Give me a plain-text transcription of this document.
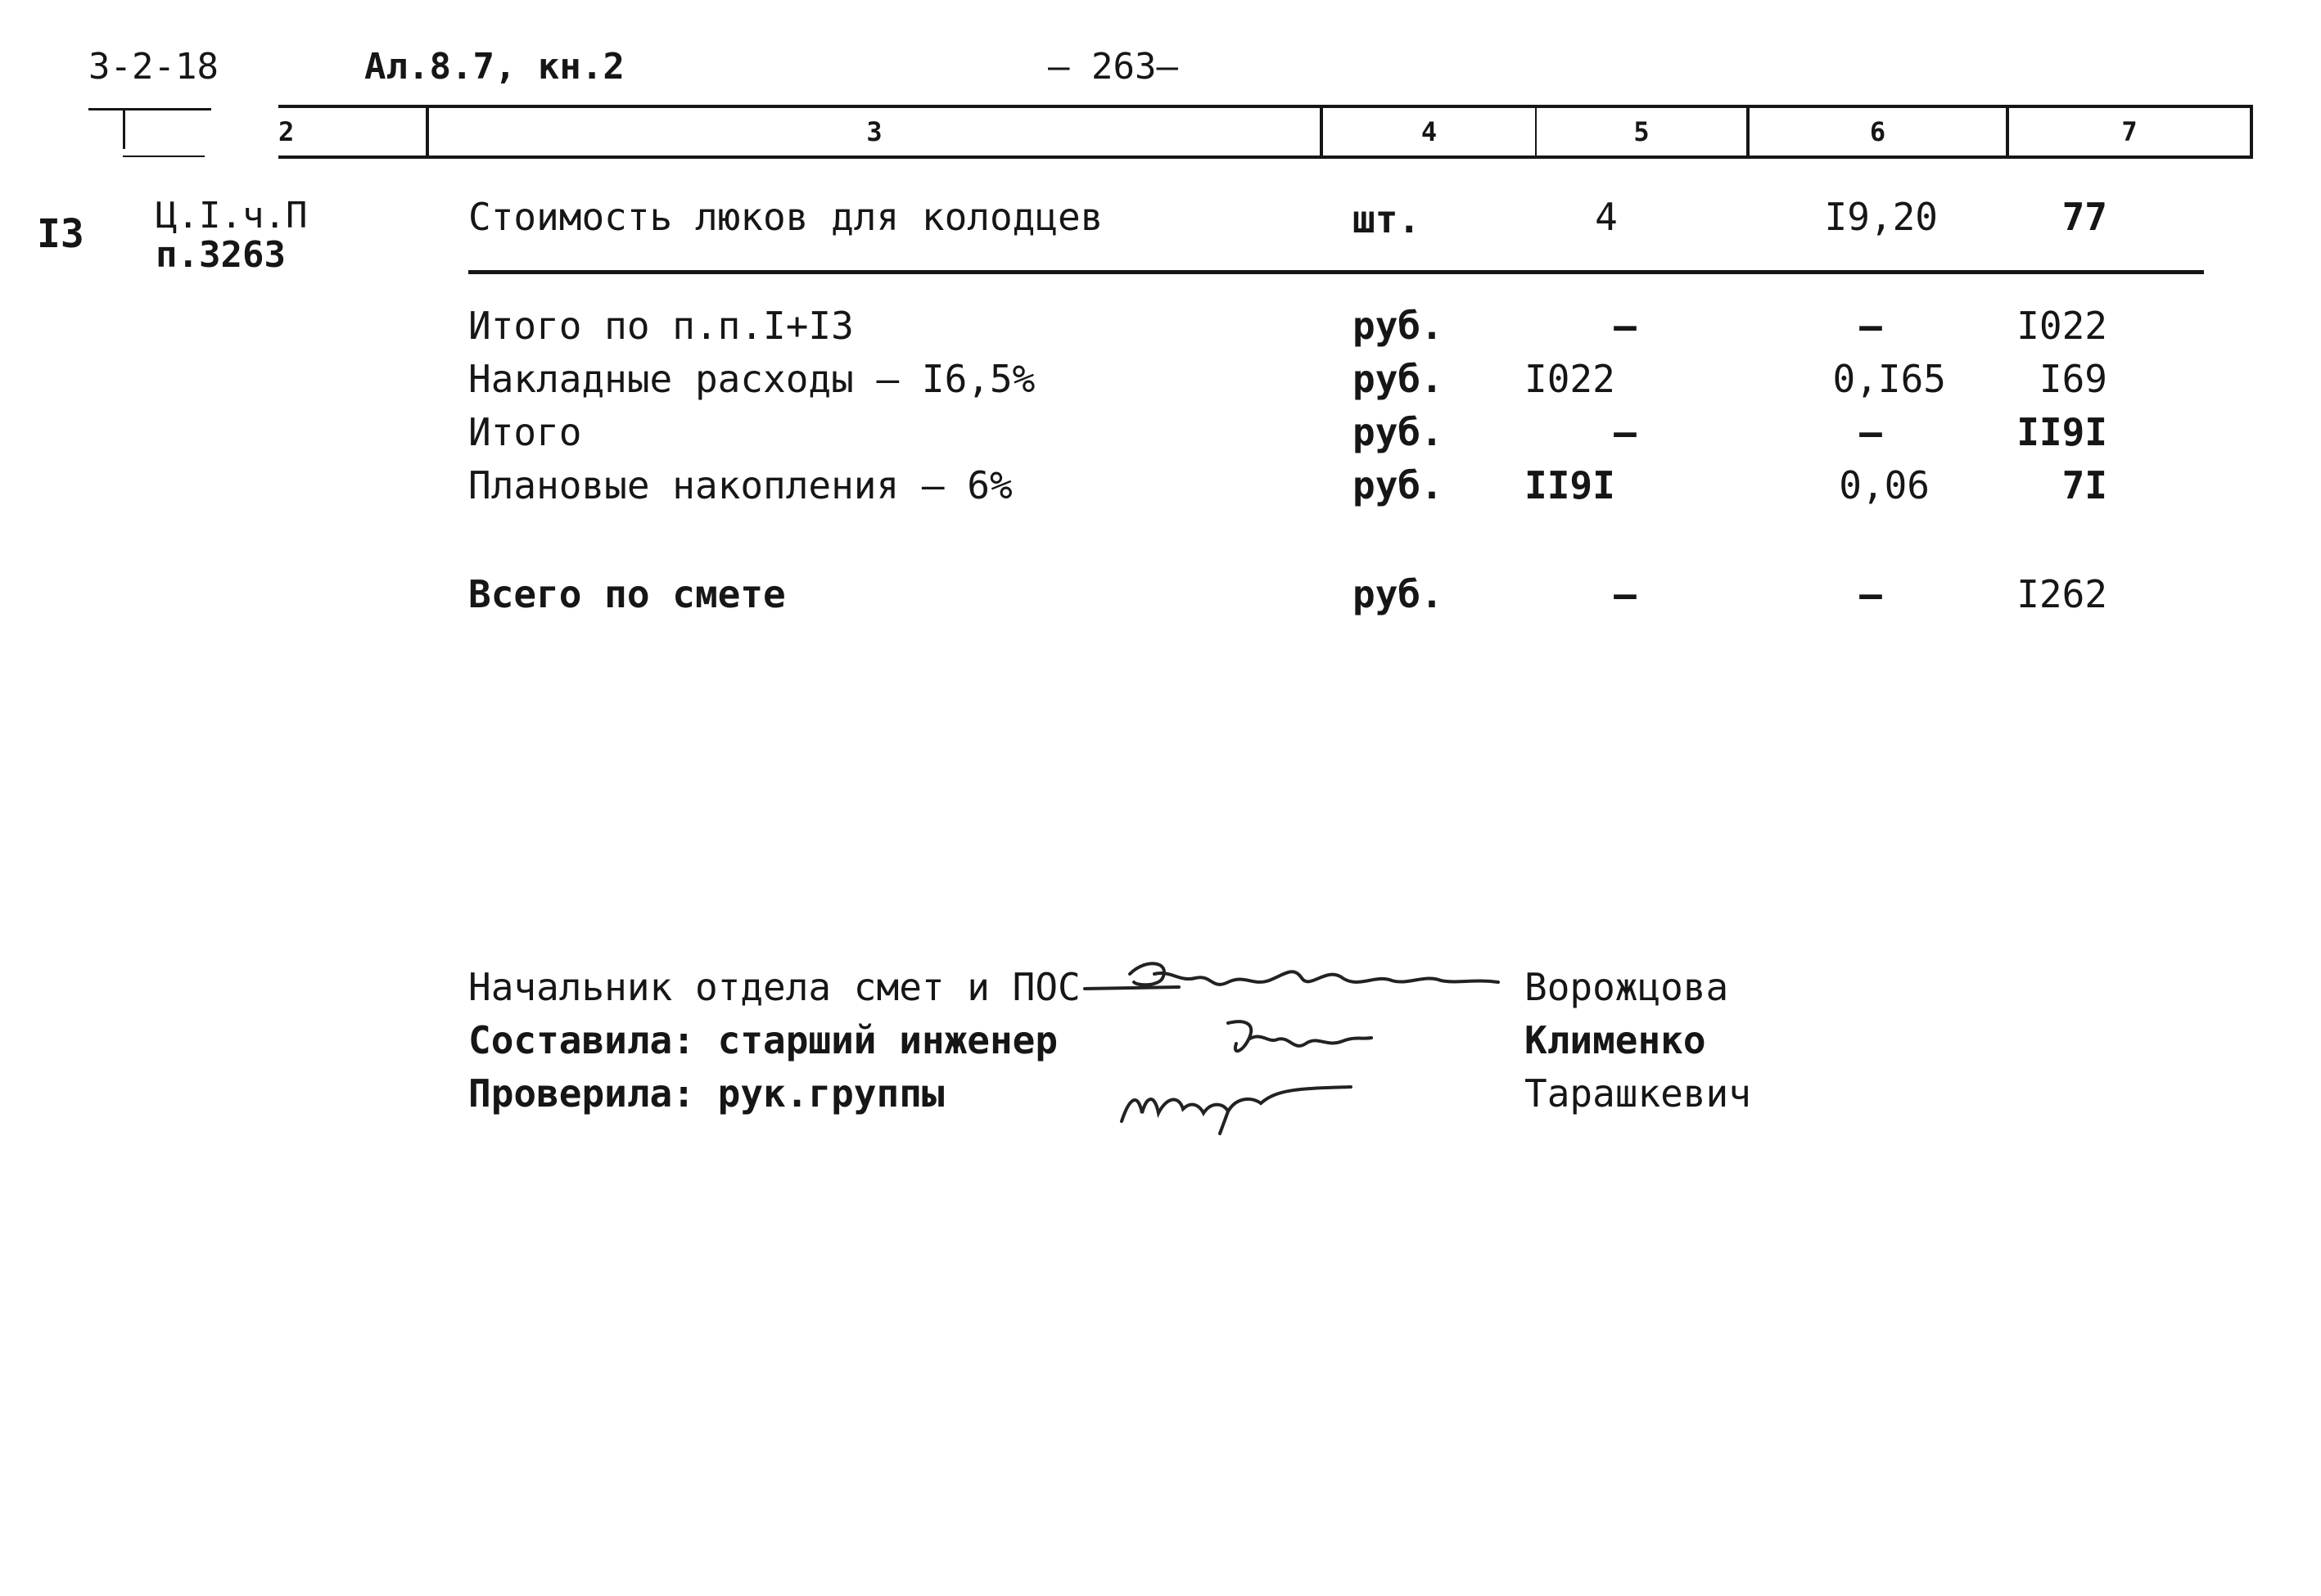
3-2-18	Ал.8.7, кн.2	— 263—
2	3	4	5	6	7
I3 Ц.I.ч.П
п.3263
Стоимость люков для колодцев	шт.	4	I9,20	77
Итого по п.п.I+I3	руб.	–	–	I022
Накладные расходы – I6,5%	руб. I022	0,I65	I69
Итого	руб.	–	–	II9I
Плановые накопления – 6%	руб. II9I	0,06	7I
Всего по смете	руб.	–	–	I262
Начальник отдела смет и ПОС	Ворожцова
Составила: старший инженер	Клименко
Проверила: рук.группы	Тарашкевич
